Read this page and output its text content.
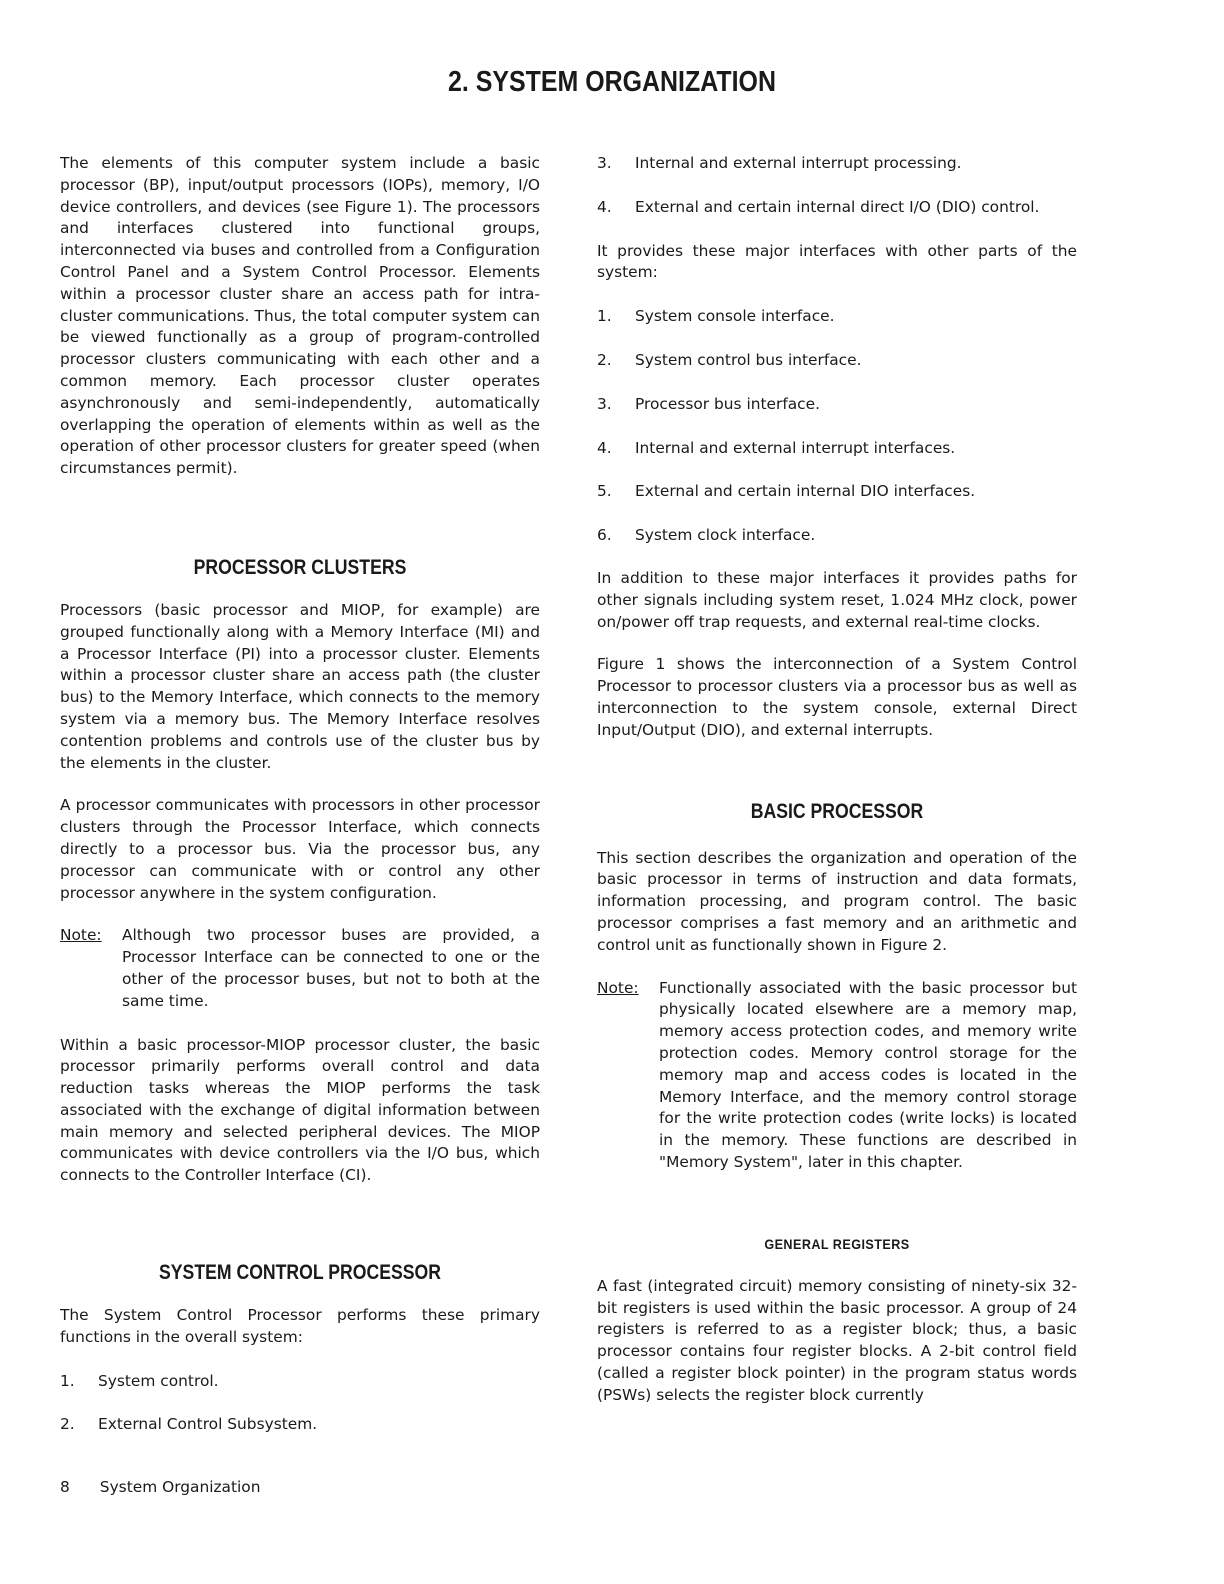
2. SYSTEM ORGANIZATION

The elements of this computer system include a basic processor (BP), input/output processors (IOPs), memory, I/O device controllers, and devices (see Figure 1). The processors and interfaces clustered into functional groups, interconnected via buses and controlled from a Configuration Control Panel and a System Control Processor. Elements within a processor cluster share an access path for intra-cluster communications. Thus, the total computer system can be viewed functionally as a group of program-controlled processor clusters communicating with each other and a common memory. Each processor cluster operates asynchronously and semi-independently, automatically overlapping the operation of elements within as well as the operation of other processor clusters for greater speed (when circumstances permit).

PROCESSOR CLUSTERS

Processors (basic processor and MIOP, for example) are grouped functionally along with a Memory Interface (MI) and a Processor Interface (PI) into a processor cluster. Elements within a processor cluster share an access path (the cluster bus) to the Memory Interface, which connects to the memory system via a memory bus. The Memory Interface resolves contention problems and controls use of the cluster bus by the elements in the cluster.

A processor communicates with processors in other processor clusters through the Processor Interface, which connects directly to a processor bus. Via the processor bus, any processor can communicate with or control any other processor anywhere in the system configuration.

Note:	Although two processor buses are provided, a Processor Interface can be connected to one or the other of the processor buses, but not to both at the same time.

Within a basic processor-MIOP processor cluster, the basic processor primarily performs overall control and data reduction tasks whereas the MIOP performs the task associated with the exchange of digital information between main memory and selected peripheral devices. The MIOP communicates with device controllers via the I/O bus, which connects to the Controller Interface (CI).

SYSTEM CONTROL PROCESSOR

The System Control Processor performs these primary functions in the overall system:

1.	System control.
2.	External Control Subsystem.
3.	Internal and external interrupt processing.
4.	External and certain internal direct I/O (DIO) control.

It provides these major interfaces with other parts of the system:

1.	System console interface.
2.	System control bus interface.
3.	Processor bus interface.
4.	Internal and external interrupt interfaces.
5.	External and certain internal DIO interfaces.
6.	System clock interface.

In addition to these major interfaces it provides paths for other signals including system reset, 1.024 MHz clock, power on/power off trap requests, and external real-time clocks.

Figure 1 shows the interconnection of a System Control Processor to processor clusters via a processor bus as well as interconnection to the system console, external Direct Input/Output (DIO), and external interrupts.

BASIC PROCESSOR

This section describes the organization and operation of the basic processor in terms of instruction and data formats, information processing, and program control. The basic processor comprises a fast memory and an arithmetic and control unit as functionally shown in Figure 2.

Note:	Functionally associated with the basic processor but physically located elsewhere are a memory map, memory access protection codes, and memory write protection codes. Memory control storage for the memory map and access codes is located in the Memory Interface, and the memory control storage for the write protection codes (write locks) is located in the memory. These functions are described in "Memory System", later in this chapter.
GENERAL REGISTERS

A fast (integrated circuit) memory consisting of ninety-six 32-bit registers is used within the basic processor. A group of 24 registers is referred to as a register block; thus, a basic processor contains four register blocks. A 2-bit control field (called a register block pointer) in the program status words (PSWs) selects the register block currently

8 System Organization
